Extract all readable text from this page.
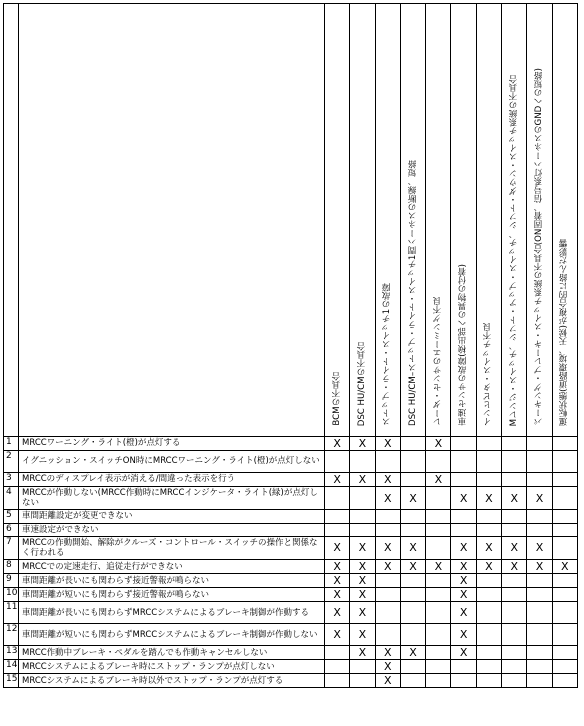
		BCMの不具合	DSC HU/CMの不具合	ストップ・ライト・スイッチ1の故障	DSC HU/CM–ストップ・ライト・スイッチ1間ハーネスの断線、短絡	レーダ・センサのエーミング不良	車速センサの故障(検出部への異物の付着)	インヒビタ・スイッチ不良	Mレンジ・スイッチ、シフト・アップ・スイッチ、シフト・ダウン・スイッチ系統の不具合	パーキング・ブレーキ・スイッチ系統の不具合(ON固着、信号系灯ハーネスのGNDへの短絡)	運転状態(道路環境、天候)が複合的に絡んだ影響
1	MRCCワーニング・ライト(橙)が点灯する	X	X	X		X					
2	イグニッション・スイッチON時にMRCCワーニング・ライト(橙)が点灯しない										
3	MRCCのディスプレイ表示が消える/間違った表示を行う	X	X	X		X					
4	MRCCが作動しない(MRCC作動時にMRCCインジケータ・ライト(緑)が点灯しない			X	X		X	X	X	X	
5	車間距離設定が変更できない										
6	車速設定ができない										
7	MRCCの作動開始、解除がクルーズ・コントロール・スイッチの操作と関係なく行われる	X	X	X	X		X	X	X	X	
8	MRCCでの定速走行、追従走行ができない	X	X	X	X	X	X	X	X	X	X
9	車間距離が長いにも関わらず接近警報が鳴らない	X	X				X				
10	車間距離が短いにも関わらず接近警報が鳴らない	X	X				X				
11	車間距離が長いにも関わらずMRCCシステムによるブレーキ制御が作動する	X	X				X				
12	車間距離が短いにも関わらずMRCCシステムによるブレーキ制御が作動しない	X	X				X				
13	MRCC作動中ブレーキ・ペダルを踏んでも作動キャンセルしない		X	X	X		X				
14	MRCCシステムによるブレーキ時にストップ・ランプが点灯しない			X							
15	MRCCシステムによるブレーキ時以外でストップ・ランプが点灯する			X							
